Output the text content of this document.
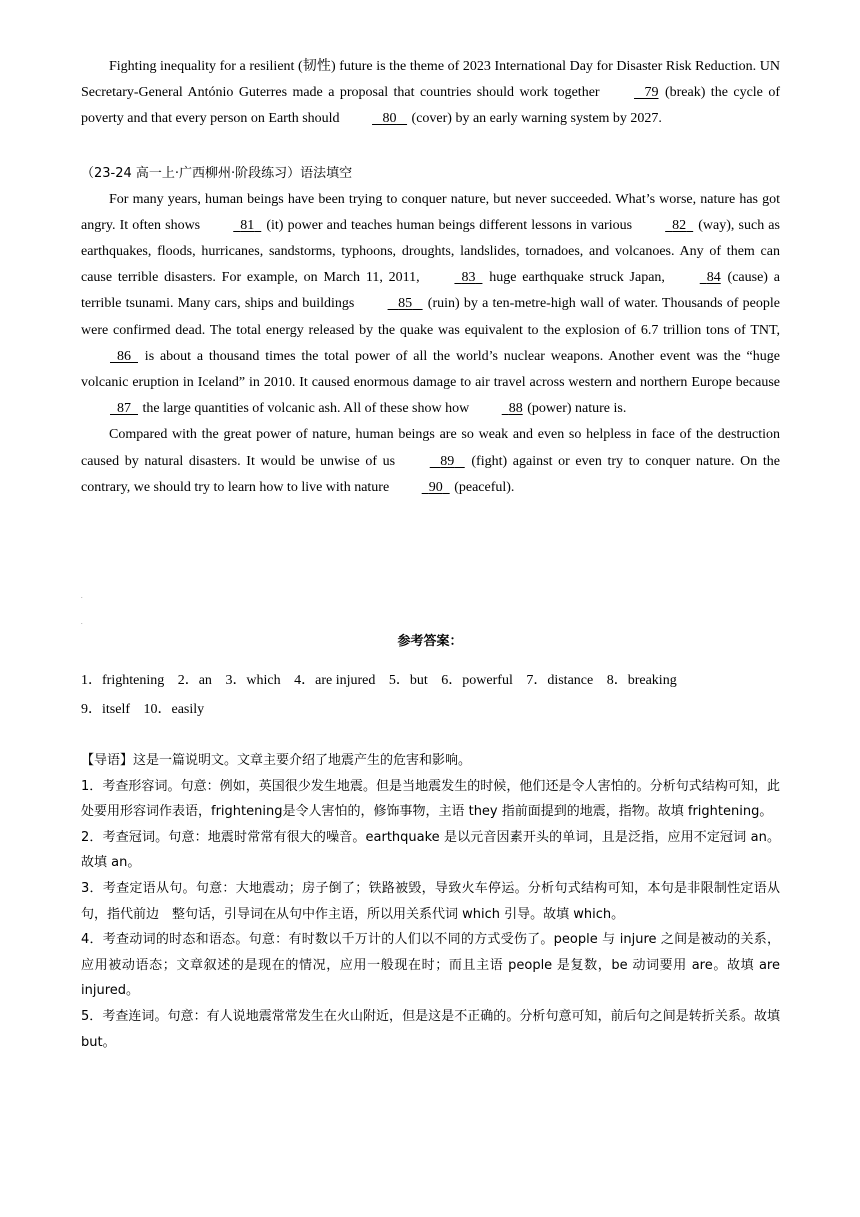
Fighting inequality for a resilient (韧性) future is the theme of 2023 International Day for Disaster Risk Reduction. UN Secretary-General António Guterres made a proposal that countries should work together	79 (break) the cycle of poverty and that every person on Earth should	80    (cover) by an early warning system by 2027.

（23-24 高一上·广西柳州·阶段练习）语法填空

For many years, human beings have been trying to conquer nature, but never succeeded. What’s worse, nature has got angry. It often shows	81   (it) power and teaches human beings different lessons in various	82   (way), such as earthquakes, floods, hurricanes, sandstorms, typhoons, droughts, landslides, tornadoes, and volcanoes. Any of them can cause terrible disasters. For example, on March 11, 2011,	83   huge earthquake struck Japan,	84 (cause) a terrible tsunami. Many cars, ships and buildings	85    (ruin) by a ten-metre-high wall of water. Thousands of people were confirmed dead. The total energy released by the quake was equivalent to the explosion of 6.7 trillion tons of TNT,   86   is about a thousand times the total power of all the world’s nuclear weapons. Another event was the “huge volcanic eruption in Iceland” in 2010. It caused enormous damage to air travel across western and northern Europe because   87   the large quantities of volcanic ash. All of these show how	88 (power) nature is.

Compared with the great power of nature, human beings are so weak and even so helpless in face of the destruction caused by natural disasters. It would be unwise of us	89    (fight) against or even try to conquer nature. On the contrary, we should try to learn how to live with nature	90   (peaceful).

.
.
参考答案：
1．frightening 2．an 3．which 4．are injured 5．but 6．powerful 7．distance 8．breaking
9．itself 10．easily

【导语】这是一篇说明文。文章主要介绍了地震产生的危害和影响。

1．考查形容词。句意：例如，英国很少发生地震。但是当地震发生的时候，他们还是令人害怕的。分析句式结构可知，此处要用形容词作表语，frightening是令人害怕的，修饰事物，主语 they 指前面提到的地震，指物。故填 frightening。

2．考查冠词。句意：地震时常常有很大的噪音。earthquake 是以元音因素开头的单词，且是泛指，应用不定冠词 an。故填 an。

3．考查定语从句。句意：大地震动；房子倒了；铁路被毁，导致火车停运。分析句式结构可知，本句是非限制性定语从句，指代前边　整句话，引导词在从句中作主语，所以用关系代词 which 引导。故填 which。

4．考查动词的时态和语态。句意：有时数以千万计的人们以不同的方式受伤了。people 与 injure 之间是被动的关系，应用被动语态；文章叙述的是现在的情况，应用一般现在时；而且主语 people 是复数，be 动词要用 are。故填 are injured。

5．考查连词。句意：有人说地震常常发生在火山附近，但是这是不正确的。分析句意可知，前后句之间是转折关系。故填 but。
